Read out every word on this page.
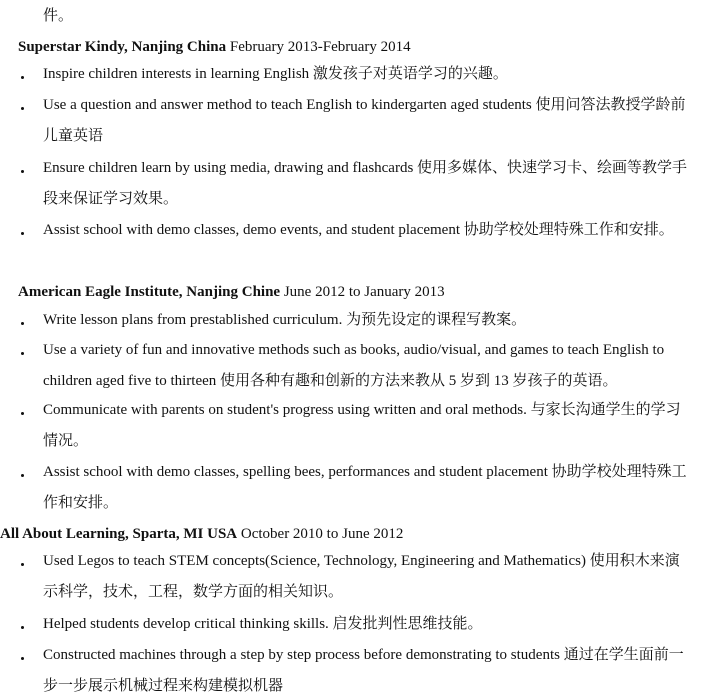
件。
Superstar Kindy, Nanjing China February 2013-February 2014
Inspire children interests in learning English 激发孩子对英语学习的兴趣。
Use a question and answer method to teach English to kindergarten aged students 使用问答法教授学龄前儿童英语
Ensure children learn by using media, drawing and flashcards 使用多媒体、快速学习卡、绘画等教学手段来保证学习效果。
Assist school with demo classes, demo events, and student placement 协助学校处理特殊工作和安排。
American Eagle Institute, Nanjing Chine June 2012 to January 2013
Write lesson plans from prestablished curriculum. 为预先设定的课程写教案。
Use a variety of fun and innovative methods such as books, audio/visual, and games to teach English to children aged five to thirteen 使用各种有趣和创新的方法来教从 5 岁到 13 岁孩子的英语。
Communicate with parents on student's progress using written and oral methods. 与家长沟通学生的学习情况。
Assist school with demo classes, spelling bees, performances and student placement 协助学校处理特殊工作和安排。
All About Learning, Sparta, MI USA October 2010 to June 2012
Used Legos to teach STEM concepts(Science, Technology, Engineering and Mathematics) 使用积木来演示科学，技术，工程，数学方面的相关知识。
Helped students develop critical thinking skills. 启发批判性思维技能。
Constructed machines through a step by step process before demonstrating to students 通过在学生面前一步一步展示机械过程来构建模拟机器
